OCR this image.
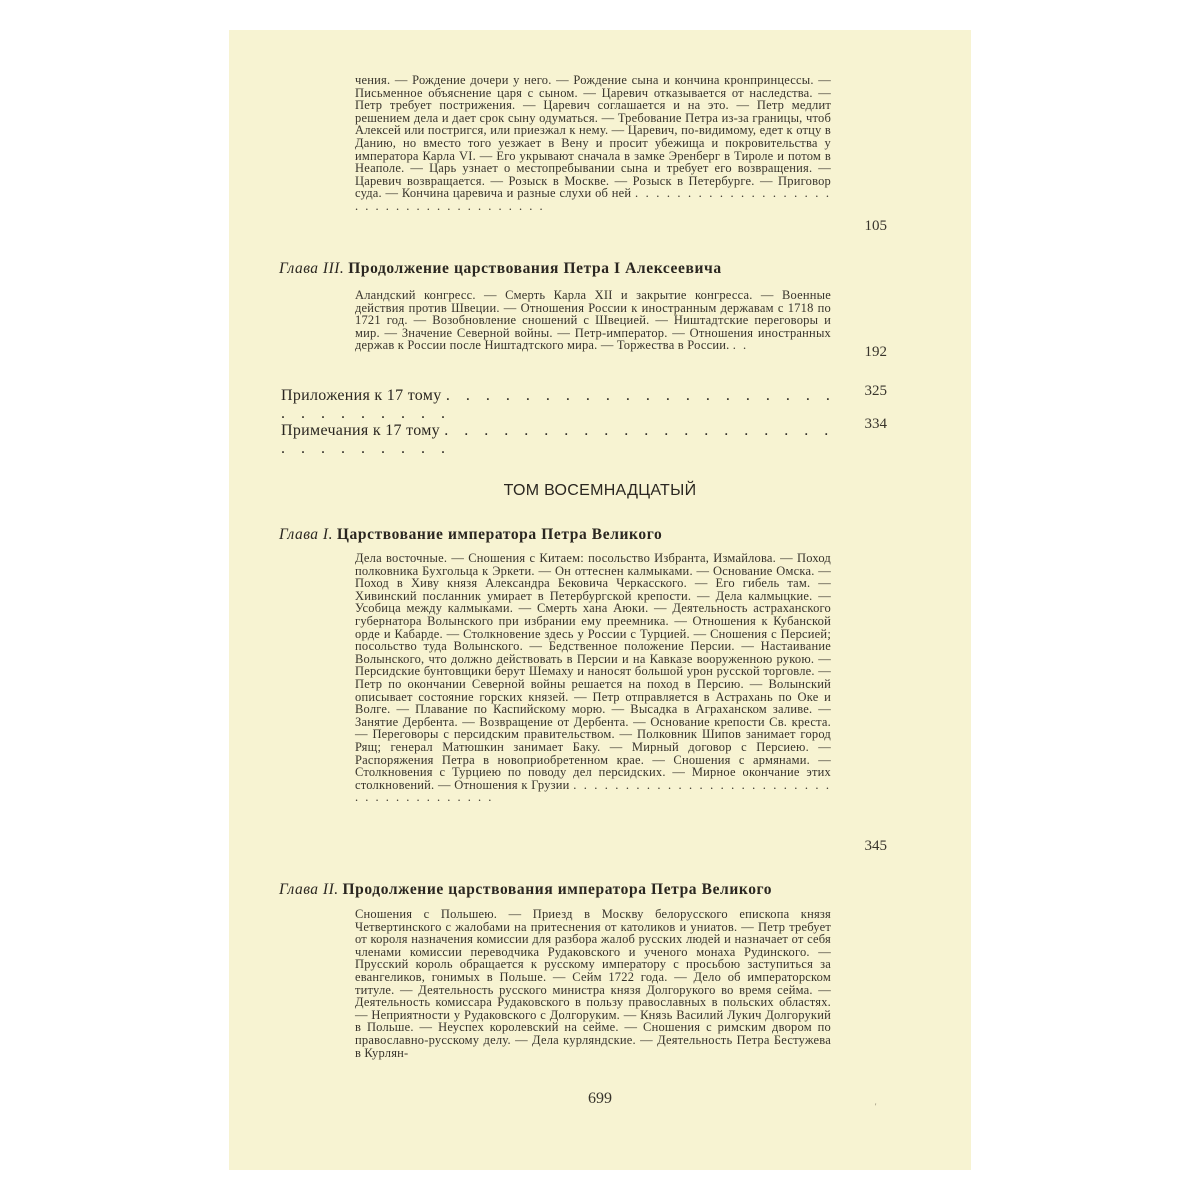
чения. — Рождение дочери у него. — Рождение сына и кончина кронпринцессы. — Письменное объяснение царя с сыном. — Царевич отказывается от наследства. — Петр требует пострижения. — Царевич соглашается и на это. — Петр медлит решением дела и дает срок сыну одуматься. — Требование Петра из-за границы, чтоб Алексей или постригся, или приезжал к нему. — Царевич, по-видимому, едет к отцу в Данию, но вместо того уезжает в Вену и просит убежища и покровительства у императора Карла VI. — Его укрывают сначала в замке Эренберг в Тироле и потом в Неаполе. — Царь узнает о местопребывании сына и требует его возвращения. — Царевич возвращается. — Розыск в Москве. — Розыск в Петербурге. — Приговор суда. — Кончина царевича и разные слухи об ней . . . . . . . . . . . . . . . . . . . . . . . . . . . . . . . . . . . . . .

105

Глава III. Продолжение царствования Петра I Алексеевича

Аландский конгресс. — Смерть Карла XII и закрытие конгресса. — Военные действия против Швеции. — Отношения России к иностранным державам с 1718 по 1721 год. — Возобновление сношений с Швецией. — Ништадтские переговоры и мир. — Значение Северной войны. — Петр-император. — Отношения иностранных держав к России после Ништадтского мира. — Торжества в России. . .	192

Приложения к 17 тому . . . . . . . . . . . . . . . . . . . . . . . . . . . . .

325

Примечания к 17 тому . . . . . . . . . . . . . . . . . . . . . . . . . . . . .

334

ТОМ ВОСЕМНАДЦАТЫЙ

Глава I. Царствование императора Петра Великого

Дела восточные. — Сношения с Китаем: посольство Избранта, Измайлова. — Поход полковника Бухгольца к Эркети. — Он оттеснен калмыками. — Основание Омска. — Поход в Хиву князя Александра Бековича Черкасского. — Его гибель там. — Хивинский посланник умирает в Петербургской крепости. — Дела калмыцкие. — Усобица между калмыками. — Смерть хана Аюки. — Деятельность астраханского губернатора Волынского при избрании ему преемника. — Отношения к Кубанской орде и Кабарде. — Столкновение здесь у России с Турцией. — Сношения с Персией; посольство туда Волынского. — Бедственное положение Персии. — Настаивание Волынского, что должно действовать в Персии и на Кавказе вооруженною рукою. — Персидские бунтовщики берут Шемаху и наносят большой урон русской торговле. — Петр по окончании Северной войны решается на поход в Персию. — Волынский описывает состояние горских князей. — Петр отправляется в Астрахань по Оке и Волге. — Плавание по Каспийскому морю. — Высадка в Аграханском заливе. — Занятие Дербента. — Возвращение от Дербента. — Основание крепости Св. креста. — Переговоры с персидским правительством. — Полковник Шипов занимает город Рящ; генерал Матюшкин занимает Баку. — Мирный договор с Персиею. — Распоряжения Петра в новоприобретенном крае. — Сношения с армянами. — Столкновения с Турциею по поводу дел персидских. — Мирное окончание этих столкновений. — Отношения к Грузии . . . . . . . . . . . . . . . . . . . . . . . . . . . . . . . . . . . . . . .

345

Глава II. Продолжение царствования императора Петра Великого

Сношения с Польшею. — Приезд в Москву белорусского епископа князя Четвертинского с жалобами на притеснения от католиков и униатов. — Петр требует от короля назначения комиссии для разбора жалоб русских людей и назначает от себя членами комиссии переводчика Рудаковского и ученого монаха Рудинского. — Прусский король обращается к русскому императору с просьбою заступиться за евангеликов, гонимых в Польше. — Сейм 1722 года. — Дело об императорском титуле. — Деятельность русского министра князя Долгорукого во время сейма. — Деятельность комиссара Рудаковского в пользу православных в польских областях. — Неприятности у Рудаковского с Долгоруким. — Князь Василий Лукич Долгорукий в Польше. — Неуспех королевский на сейме. — Сношения с римским двором по православно-русскому делу. — Дела курляндские. — Деятельность Петра Бестужева в Курлян-

699	'
